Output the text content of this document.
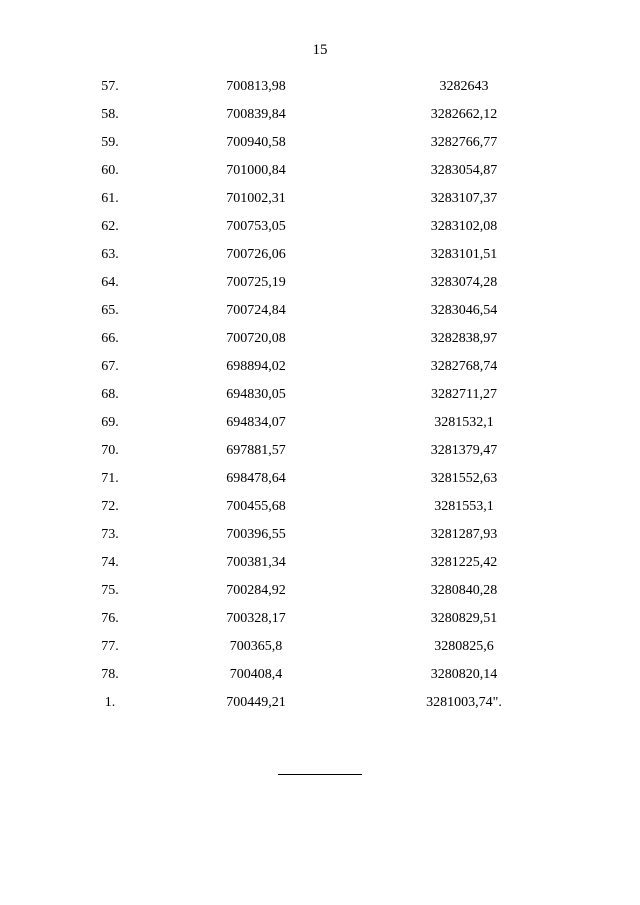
15
57.	700813,98	3282643
58.	700839,84	3282662,12
59.	700940,58	3282766,77
60.	701000,84	3283054,87
61.	701002,31	3283107,37
62.	700753,05	3283102,08
63.	700726,06	3283101,51
64.	700725,19	3283074,28
65.	700724,84	3283046,54
66.	700720,08	3282838,97
67.	698894,02	3282768,74
68.	694830,05	3282711,27
69.	694834,07	3281532,1
70.	697881,57	3281379,47
71.	698478,64	3281552,63
72.	700455,68	3281553,1
73.	700396,55	3281287,93
74.	700381,34	3281225,42
75.	700284,92	3280840,28
76.	700328,17	3280829,51
77.	700365,8	3280825,6
78.	700408,4	3280820,14
1.	700449,21	3281003,74".
